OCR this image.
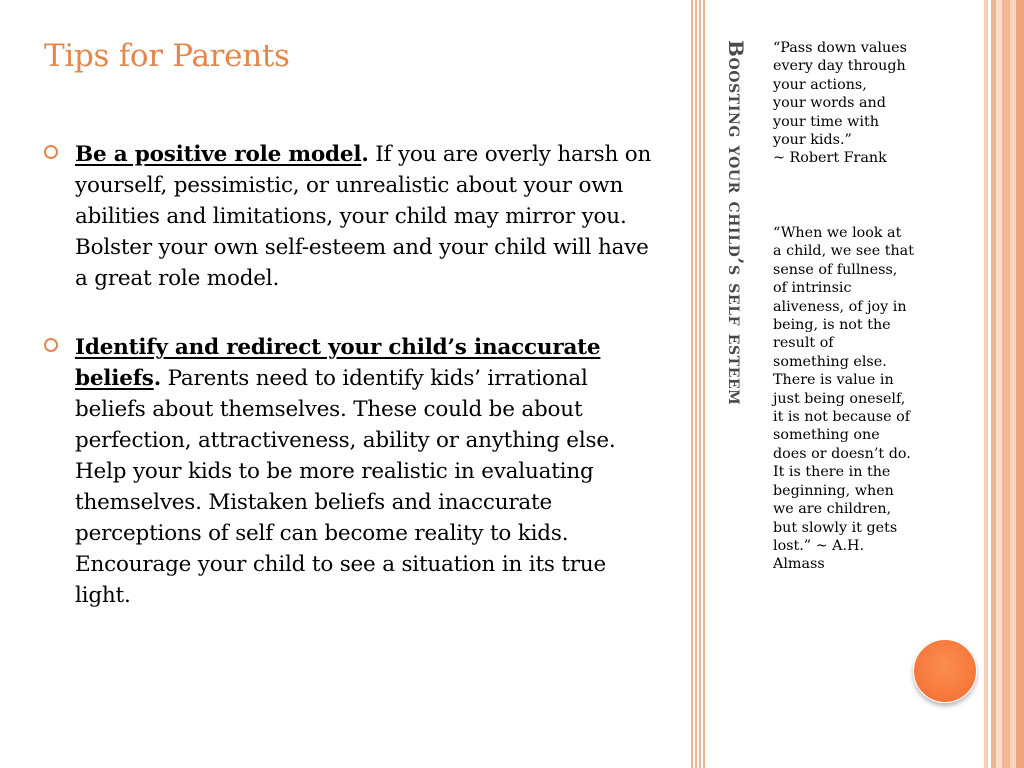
Tips for Parents
Be a positive role model. If you are overly harsh on yourself, pessimistic, or unrealistic about your own abilities and limitations, your child may mirror you. Bolster your own self-esteem and your child will have a great role model.
Identify and redirect your child’s inaccurate beliefs. Parents need to identify kids’ irrational beliefs about themselves. These could be about perfection, attractiveness, ability or anything else. Help your kids to be more realistic in evaluating themselves. Mistaken beliefs and inaccurate perceptions of self can become reality to kids. Encourage your child to see a situation in its true light.
Boosting your child’s self esteem “Pass down values
every day through
your actions,
your words and
your time with
your kids.”
~ Robert Frank

“When we look at
a child, we see that
sense of fullness,
of intrinsic
aliveness, of joy in
being, is not the
result of
something else.
There is value in
just being oneself,
it is not because of
something one
does or doesn’t do.
It is there in the
beginning, when
we are children,
but slowly it gets
lost.” ~ A.H.
Almass
